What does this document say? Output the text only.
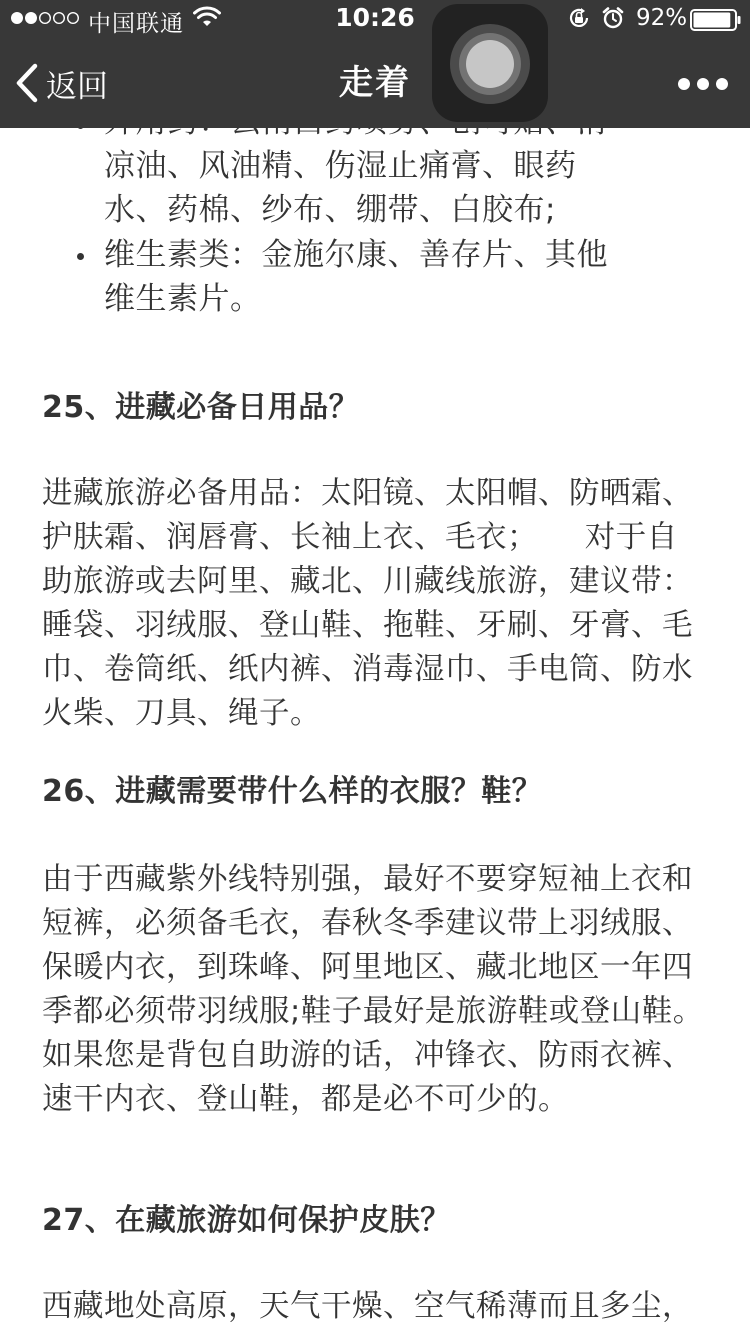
凉油、风油精、伤湿止痛膏、眼药
水、药棉、纱布、绷带、白胶布;
维生素类：金施尔康、善存片、其他
维生素片。
25、进藏必备日用品？
进藏旅游必备用品：太阳镜、太阳帽、防晒霜、
护肤霜、润唇膏、长袖上衣、毛衣；　　对于自
助旅游或去阿里、藏北、川藏线旅游，建议带：
睡袋、羽绒服、登山鞋、拖鞋、牙刷、牙膏、毛
巾、卷筒纸、纸内裤、消毒湿巾、手电筒、防水
火柴、刀具、绳子。
26、进藏需要带什么样的衣服？鞋？
由于西藏紫外线特别强，最好不要穿短袖上衣和
短裤，必须备毛衣，春秋冬季建议带上羽绒服、
保暖内衣，到珠峰、阿里地区、藏北地区一年四
季都必须带羽绒服;鞋子最好是旅游鞋或登山鞋。
如果您是背包自助游的话，冲锋衣、防雨衣裤、
速干内衣、登山鞋，都是必不可少的。
27、在藏旅游如何保护皮肤？
西藏地处高原，天气干燥、空气稀薄而且多尘，
中国联通	10:26	92%
返回	走着
